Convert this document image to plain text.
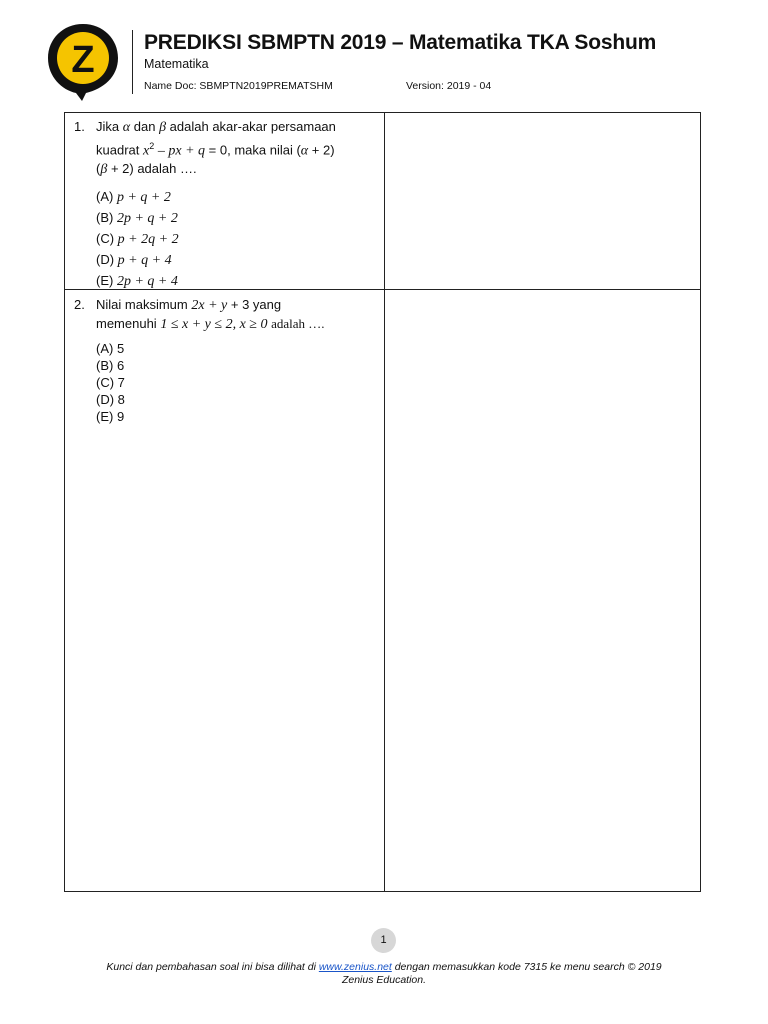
Z PREDIKSI SBMPTN 2019 – Matematika TKA Soshum
Matematika
Name Doc: SBMPTN2019PREMATSHM	Version: 2019 - 04
1. Jika α dan β adalah akar-akar persamaan
kuadrat $x^2$ – px + q = 0, maka nilai (α + 2)
(β + 2) adalah ….
(A) p + q + 2
(B) 2p + q + 2
(C) p + 2q + 2
(D) p + q + 4
(E) 2p + q + 4
2. Nilai maksimum 2x + y + 3 yang
memenuhi 1 ≤ x + y ≤ 2, x ≥ 0 adalah ….
(A) 5
(B) 6
(C) 7
(D) 8
(E) 9
1
Kunci dan pembahasan soal ini bisa dilihat di www.zenius.net dengan memasukkan kode 7315 ke menu search © 2019
Zenius Education.
